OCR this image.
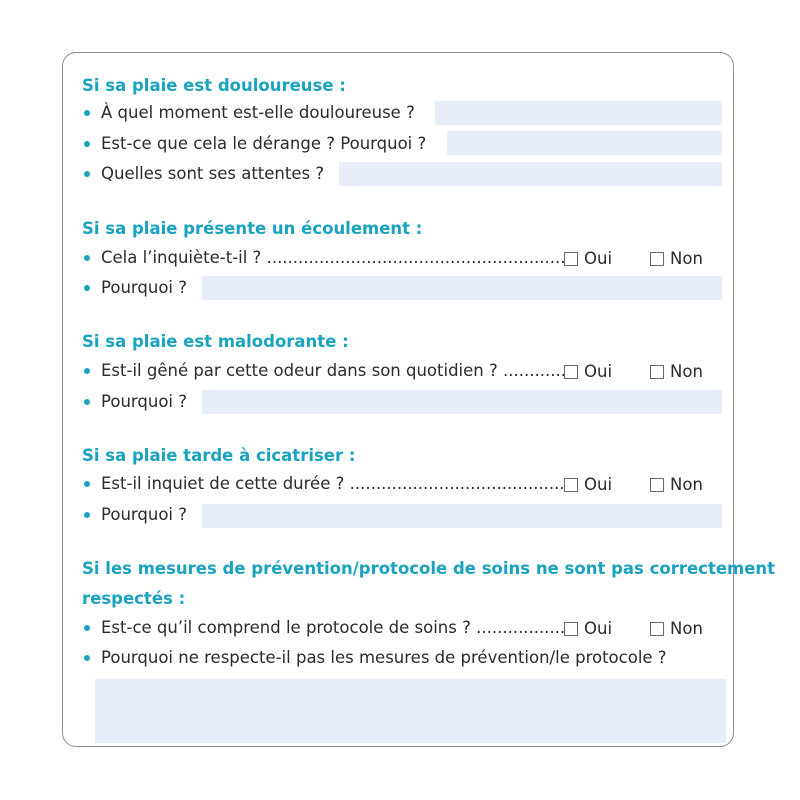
Si sa plaie est douloureuse :
À quel moment est-elle douloureuse ?
Est-ce que cela le dérange ? Pourquoi ?
Quelles sont ses attentes ?
Si sa plaie présente un écoulement :
Cela l’inquiète-t-il ? .....	Oui	Non
Pourquoi ?
Si sa plaie est malodorante :
Est-il gêné par cette odeur dans son quotidien ? .....	Oui	Non
Pourquoi ?
Si sa plaie tarde à cicatriser :
Est-il inquiet de cette durée ? .....	Oui	Non
Pourquoi ?
Si les mesures de prévention/protocole de soins ne sont pas correctement
respectés :
Est-ce qu’il comprend le protocole de soins ? .....	Oui	Non
Pourquoi ne respecte-il pas les mesures de prévention/le protocole ?
